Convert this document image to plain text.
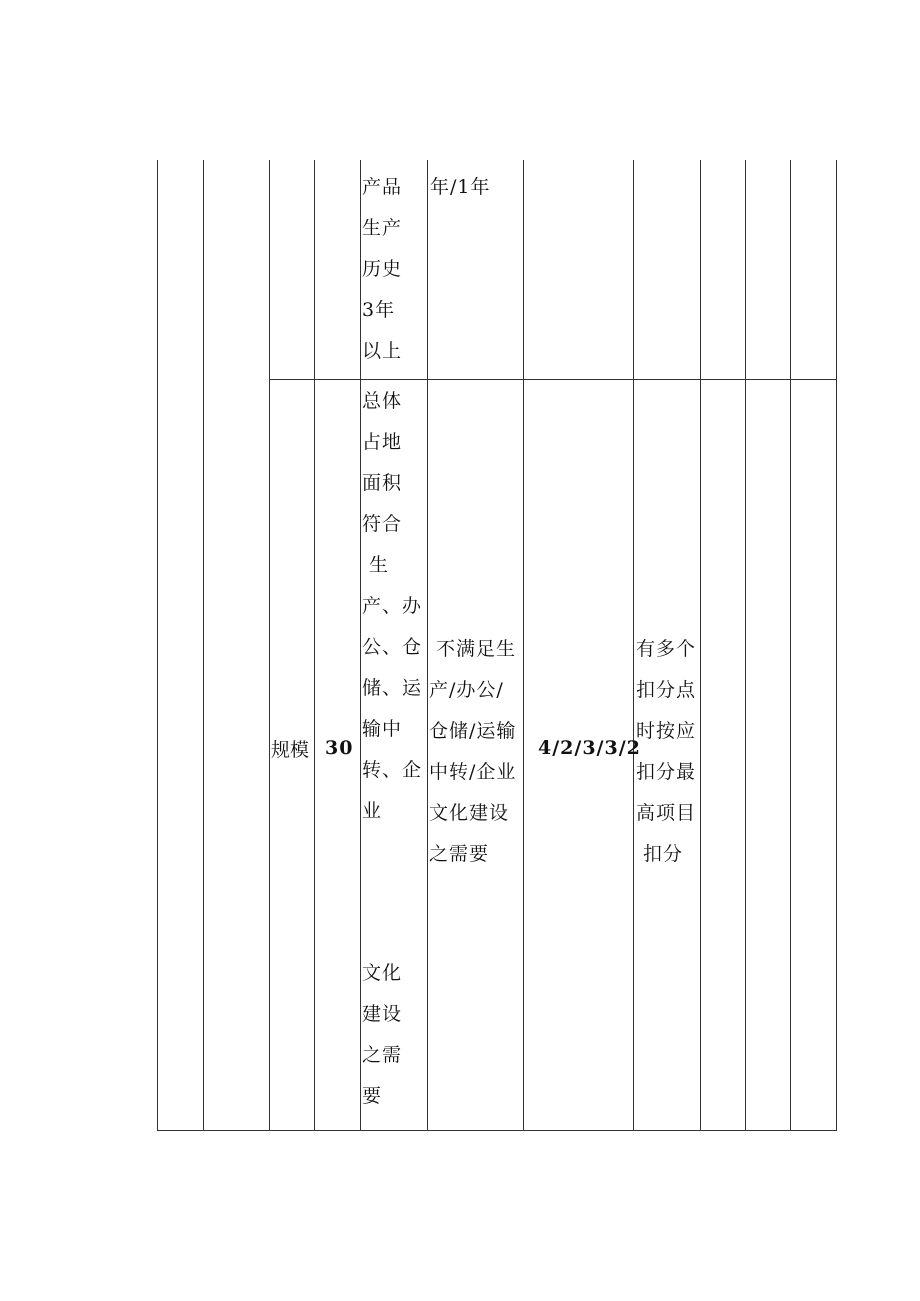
产品
生产
历史
3年
以上
年/1年
规模 30
总体
占地
面积
符合
生
产、办
公、仓
储、运
输中
转、企
业
文化
建设
之需
要
不满足生
产/办公/
仓储/运输
中转/企业
文化建设
之需要
4/2/3/3/2
有多个
扣分点
时按应
扣分最
高项目
扣分
